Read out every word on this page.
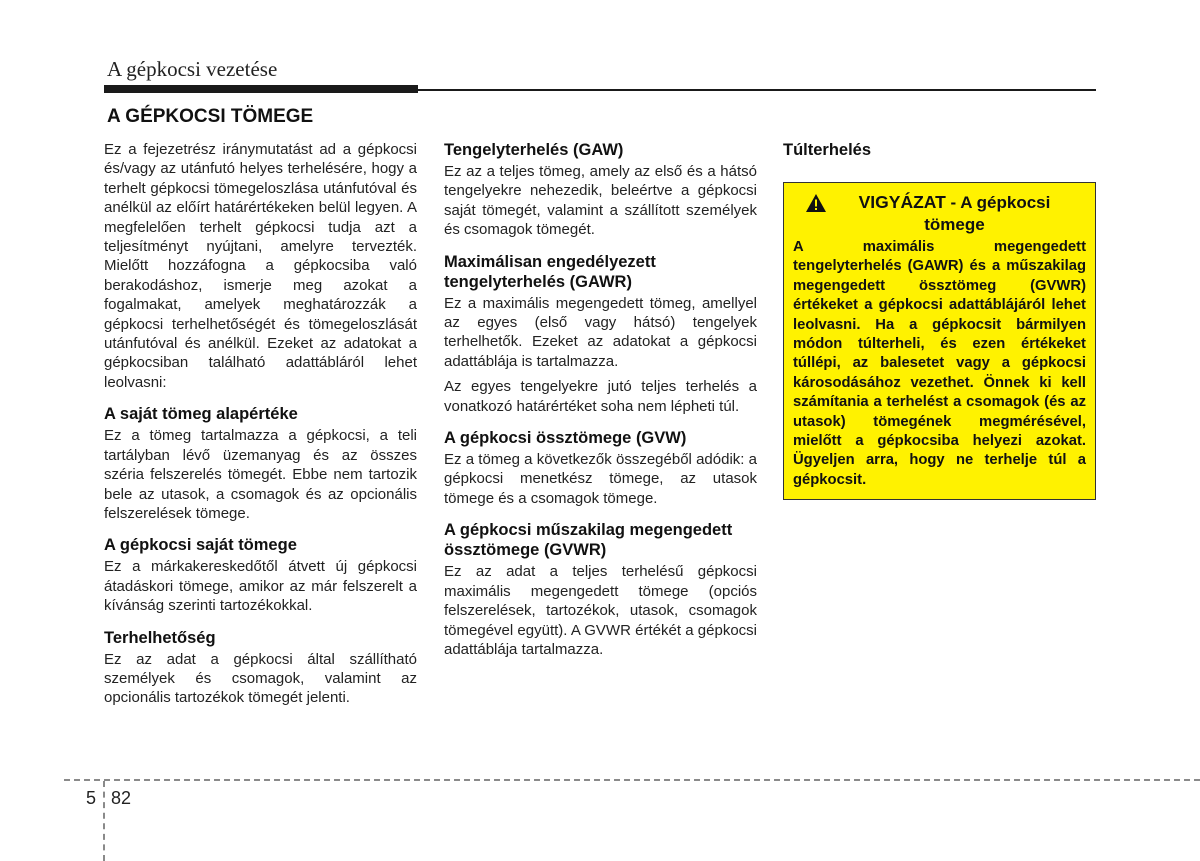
A gépkocsi vezetése
A GÉPKOCSI TÖMEGE

Ez a fejezetrész iránymutatást ad a gépkocsi és/vagy az utánfutó helyes terhelésére, hogy a terhelt gépkocsi tömegeloszlása utánfutóval és anélkül az előírt határértékeken belül legyen. A megfelelően terhelt gépkocsi tudja azt a teljesítményt nyújtani, amelyre tervezték. Mielőtt hozzáfogna a gépkocsiba való berakodáshoz, ismerje meg azokat a fogalmakat, amelyek meghatározzák a gépkocsi terhelhetőségét és tömegeloszlását utánfutóval és anélkül. Ezeket az adatokat a gépkocsiban található adattábláról lehet leolvasni:

A saját tömeg alapértéke

Ez a tömeg tartalmazza a gépkocsi, a teli tartályban lévő üzemanyag és az összes széria felszerelés tömegét. Ebbe nem tartozik bele az utasok, a csomagok és az opcionális felszerelések tömege.

A gépkocsi saját tömege

Ez a márkakereskedőtől átvett új gépkocsi átadáskori tömege, amikor az már felszerelt a kívánság szerinti tartozékokkal.

Terhelhetőség

Ez az adat a gépkocsi által szállítható személyek és csomagok, valamint az opcionális tartozékok tömegét jelenti.

Tengelyterhelés (GAW)

Ez az a teljes tömeg, amely az első és a hátsó tengelyekre nehezedik, beleértve a gépkocsi saját tömegét, valamint a szállított személyek és csomagok tömegét.

Maximálisan engedélyezett tengelyterhelés (GAWR)

Ez a maximális megengedett tömeg, amellyel az egyes (első vagy hátsó) tengelyek terhelhetők. Ezeket az adatokat a gépkocsi adattáblája is tartalmazza.

Az egyes tengelyekre jutó teljes terhelés a vonatkozó határértéket soha nem lépheti túl.

A gépkocsi össztömege (GVW)

Ez a tömeg a következők összegéből adódik: a gépkocsi menetkész tömege, az utasok tömege és a csomagok tömege.

A gépkocsi műszakilag megengedett össztömege (GVWR)

Ez az adat a teljes terhelésű gépkocsi maximális megengedett tömege (opciós felszerelések, tartozékok, utasok, csomagok tömegével együtt). A GVWR értékét a gépkocsi adattáblája tartalmazza.

Túlterhelés
VIGYÁZAT - A gépkocsi tömege
A maximális megengedett tengelyterhelés (GAWR) és a műszakilag megengedett össztömeg (GVWR) értékeket a gépkocsi adattáblájáról lehet leolvasni. Ha a gépkocsit bármilyen módon túlterheli, és ezen értékeket túllépi, az balesetet vagy a gépkocsi károsodásához vezethet. Önnek ki kell számítania a terhelést a csomagok (és az utasok) tömegének megmérésével, mielőtt a gépkocsiba helyezi azokat. Ügyeljen arra, hogy ne terhelje túl a gépkocsit.
5 82
